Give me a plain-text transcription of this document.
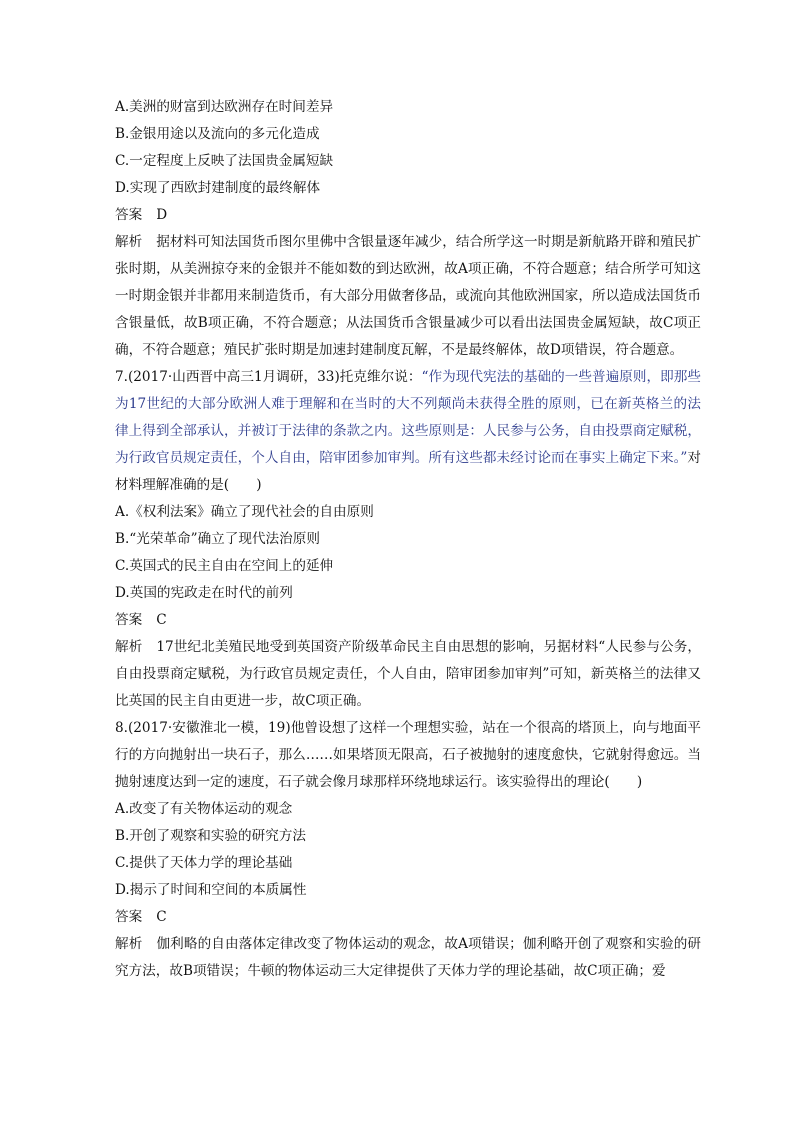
A.美洲的财富到达欧洲存在时间差异
B.金银用途以及流向的多元化造成
C.一定程度上反映了法国贵金属短缺
D.实现了西欧封建制度的最终解体
答案 D
解析 据材料可知法国货币图尔里佛中含银量逐年减少，结合所学这一时期是新航路开辟和殖民扩张时期，从美洲掠夺来的金银并不能如数的到达欧洲，故A项正确，不符合题意；结合所学可知这一时期金银并非都用来制造货币，有大部分用做奢侈品，或流向其他欧洲国家，所以造成法国货币含银量低，故B项正确，不符合题意；从法国货币含银量减少可以看出法国贵金属短缺，故C项正确，不符合题意；殖民扩张时期是加速封建制度瓦解，不是最终解体，故D项错误，符合题意。
7.(2017·山西晋中高三1月调研，33)托克维尔说：“作为现代宪法的基础的一些普遍原则，即那些为17世纪的大部分欧洲人难于理解和在当时的大不列颠尚未获得全胜的原则，已在新英格兰的法律上得到全部承认，并被订于法律的条款之内。这些原则是：人民参与公务，自由投票商定赋税，为行政官员规定责任，个人自由，陪审团参加审判。所有这些都未经讨论而在事实上确定下来。”对材料理解准确的是(　　)
A.《权利法案》确立了现代社会的自由原则
B.“光荣革命”确立了现代法治原则
C.英国式的民主自由在空间上的延伸
D.英国的宪政走在时代的前列
答案 C
解析 17世纪北美殖民地受到英国资产阶级革命民主自由思想的影响，另据材料“人民参与公务，自由投票商定赋税，为行政官员规定责任，个人自由，陪审团参加审判”可知，新英格兰的法律又比英国的民主自由更进一步，故C项正确。
8.(2017·安徽淮北一模，19)他曾设想了这样一个理想实验，站在一个很高的塔顶上，向与地面平行的方向抛射出一块石子，那么……如果塔顶无限高，石子被抛射的速度愈快，它就射得愈远。当抛射速度达到一定的速度，石子就会像月球那样环绕地球运行。该实验得出的理论(　　)
A.改变了有关物体运动的观念
B.开创了观察和实验的研究方法
C.提供了天体力学的理论基础
D.揭示了时间和空间的本质属性
答案 C
解析 伽利略的自由落体定律改变了物体运动的观念，故A项错误；伽利略开创了观察和实验的研究方法，故B项错误；牛顿的物体运动三大定律提供了天体力学的理论基础，故C项正确；爱
